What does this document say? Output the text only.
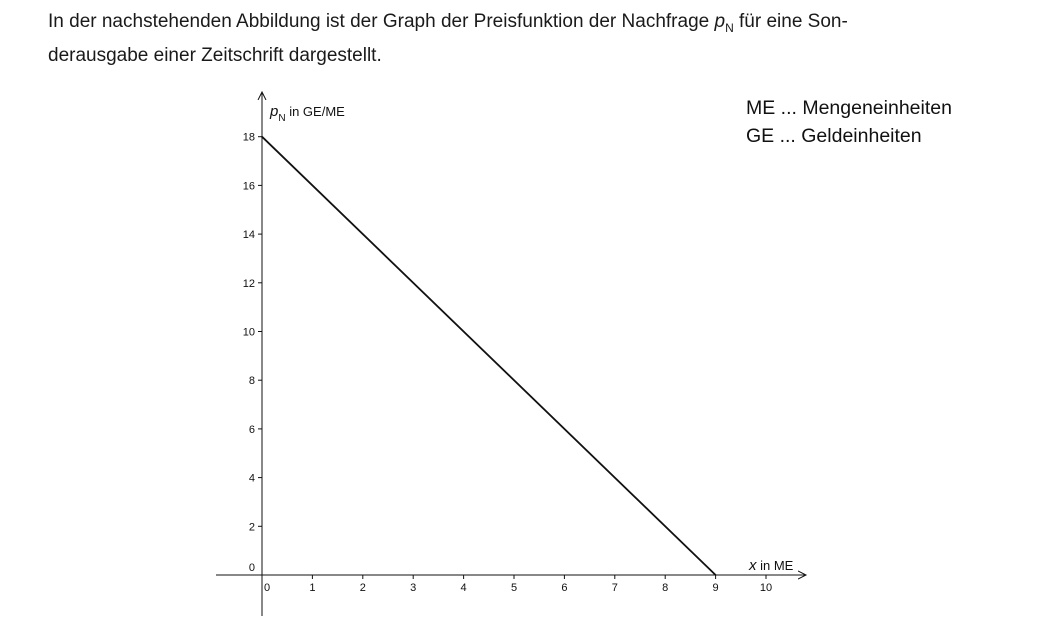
In der nachstehenden Abbildung ist der Graph der Preisfunktion der Nachfrage $p_N$ für eine Son-

derausgabe einer Zeitschrift dargestellt.

ME ... Mengeneinheiten
GE ... Geldeinheiten
0	1	2	3	4	5	6	7	8	9	10
0
2
4
6
8
10
12
14
16
18
$p_N$ $^{in GE/ME}$
x in ME
